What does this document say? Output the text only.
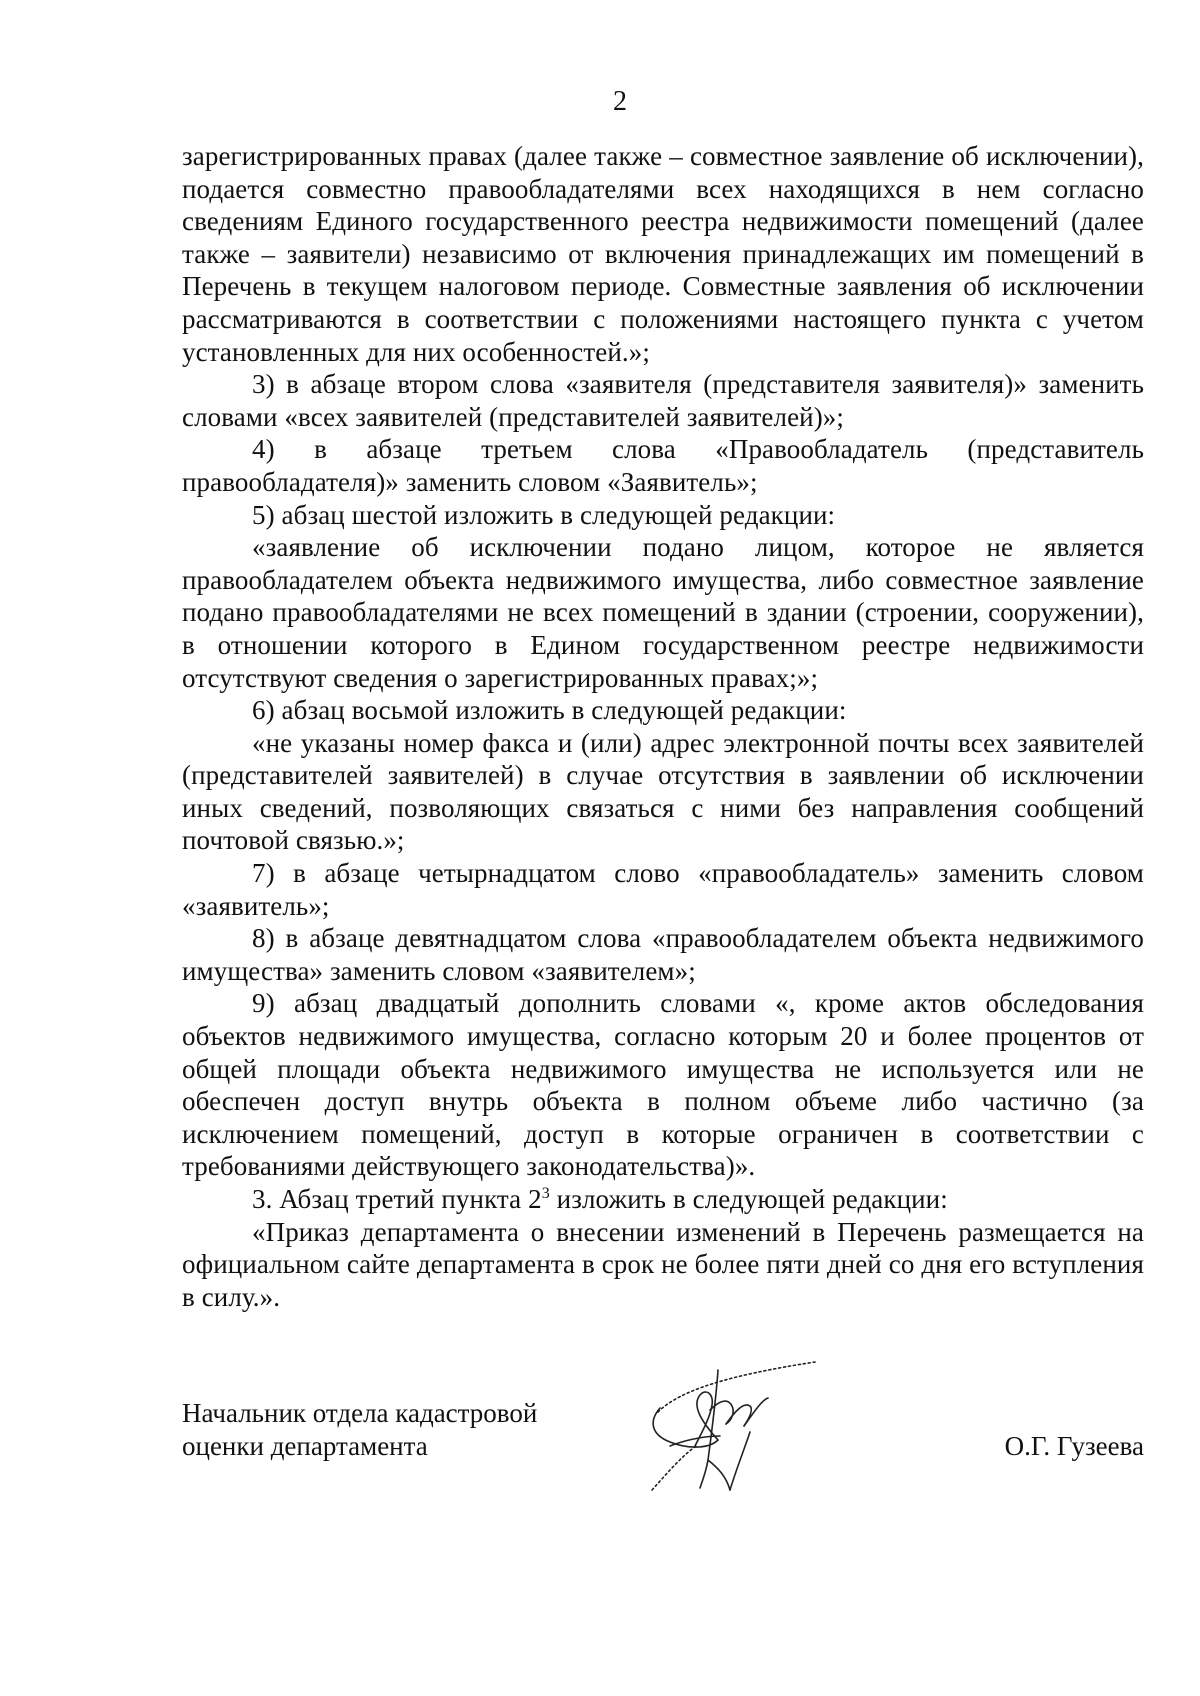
2

зарегистрированных правах (далее также – совместное заявление об исключении), подается совместно правообладателями всех находящихся в нем согласно сведениям Единого государственного реестра недвижимости помещений (далее также – заявители) независимо от включения принадлежащих им помещений в Перечень в текущем налоговом периоде. Совместные заявления об исключении рассматриваются в соответствии с положениями настоящего пункта с учетом установленных для них особенностей.»;

3) в абзаце втором слова «заявителя (представителя заявителя)» заменить словами «всех заявителей (представителей заявителей)»;

4) в абзаце третьем слова «Правообладатель (представитель правообладателя)» заменить словом «Заявитель»;

5) абзац шестой изложить в следующей редакции:

«заявление об исключении подано лицом, которое не является правообладателем объекта недвижимого имущества, либо совместное заявление подано правообладателями не всех помещений в здании (строении, сооружении), в отношении которого в Едином государственном реестре недвижимости отсутствуют сведения о зарегистрированных правах;»;

6) абзац восьмой изложить в следующей редакции:

«не указаны номер факса и (или) адрес электронной почты всех заявителей (представителей заявителей) в случае отсутствия в заявлении об исключении иных сведений, позволяющих связаться с ними без направления сообщений почтовой связью.»;

7) в абзаце четырнадцатом слово «правообладатель» заменить словом «заявитель»;

8) в абзаце девятнадцатом слова «правообладателем объекта недвижимого имущества» заменить словом «заявителем»;

9) абзац двадцатый дополнить словами «, кроме актов обследования объектов недвижимого имущества, согласно которым 20 и более процентов от общей площади объекта недвижимого имущества не используется или не обеспечен доступ внутрь объекта в полном объеме либо частично (за исключением помещений, доступ в которые ограничен в соответствии с требованиями действующего законодательства)».

3. Абзац третий пункта $2^3$ изложить в следующей редакции:

«Приказ департамента о внесении изменений в Перечень размещается на официальном сайте департамента в срок не более пяти дней со дня его вступления в силу.».

Начальник отдела кадастровой
оценки департамента	О.Г. Гузеева
